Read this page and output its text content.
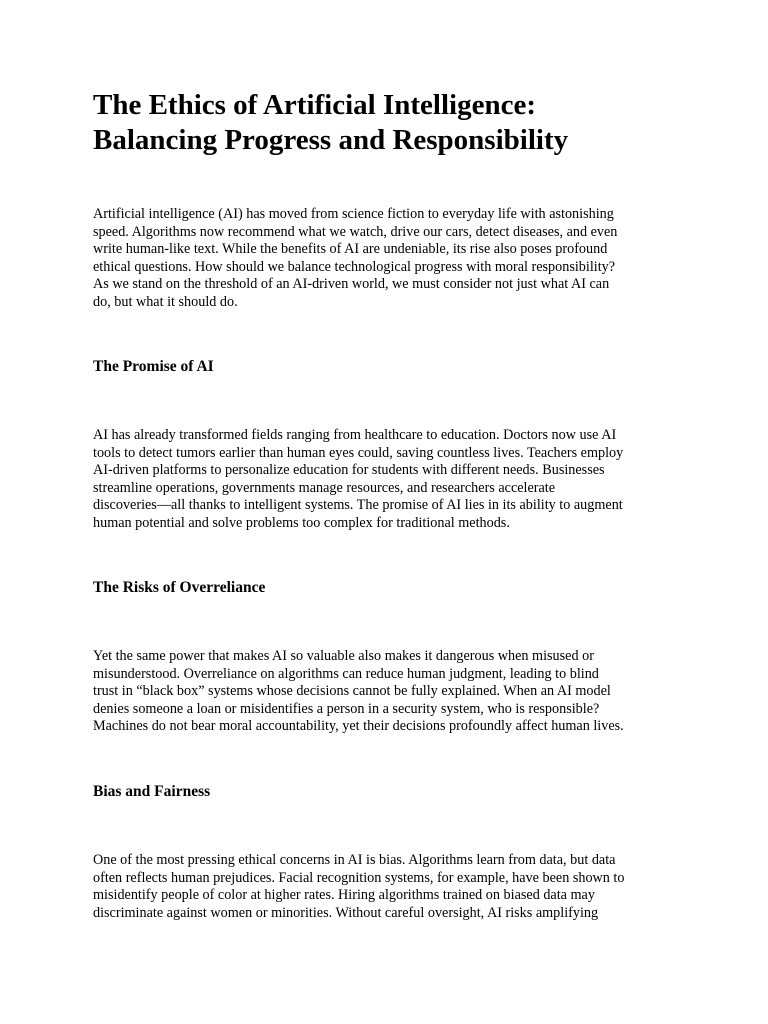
The Ethics of Artificial Intelligence:
Balancing Progress and Responsibility

Artificial intelligence (AI) has moved from science fiction to everyday life with astonishing
speed. Algorithms now recommend what we watch, drive our cars, detect diseases, and even
write human-like text. While the benefits of AI are undeniable, its rise also poses profound
ethical questions. How should we balance technological progress with moral responsibility?
As we stand on the threshold of an AI-driven world, we must consider not just what AI can
do, but what it should do.

The Promise of AI

AI has already transformed fields ranging from healthcare to education. Doctors now use AI
tools to detect tumors earlier than human eyes could, saving countless lives. Teachers employ
AI-driven platforms to personalize education for students with different needs. Businesses
streamline operations, governments manage resources, and researchers accelerate
discoveries—all thanks to intelligent systems. The promise of AI lies in its ability to augment
human potential and solve problems too complex for traditional methods.

The Risks of Overreliance

Yet the same power that makes AI so valuable also makes it dangerous when misused or
misunderstood. Overreliance on algorithms can reduce human judgment, leading to blind
trust in “black box” systems whose decisions cannot be fully explained. When an AI model
denies someone a loan or misidentifies a person in a security system, who is responsible?
Machines do not bear moral accountability, yet their decisions profoundly affect human lives.

Bias and Fairness

One of the most pressing ethical concerns in AI is bias. Algorithms learn from data, but data
often reflects human prejudices. Facial recognition systems, for example, have been shown to
misidentify people of color at higher rates. Hiring algorithms trained on biased data may
discriminate against women or minorities. Without careful oversight, AI risks amplifying
